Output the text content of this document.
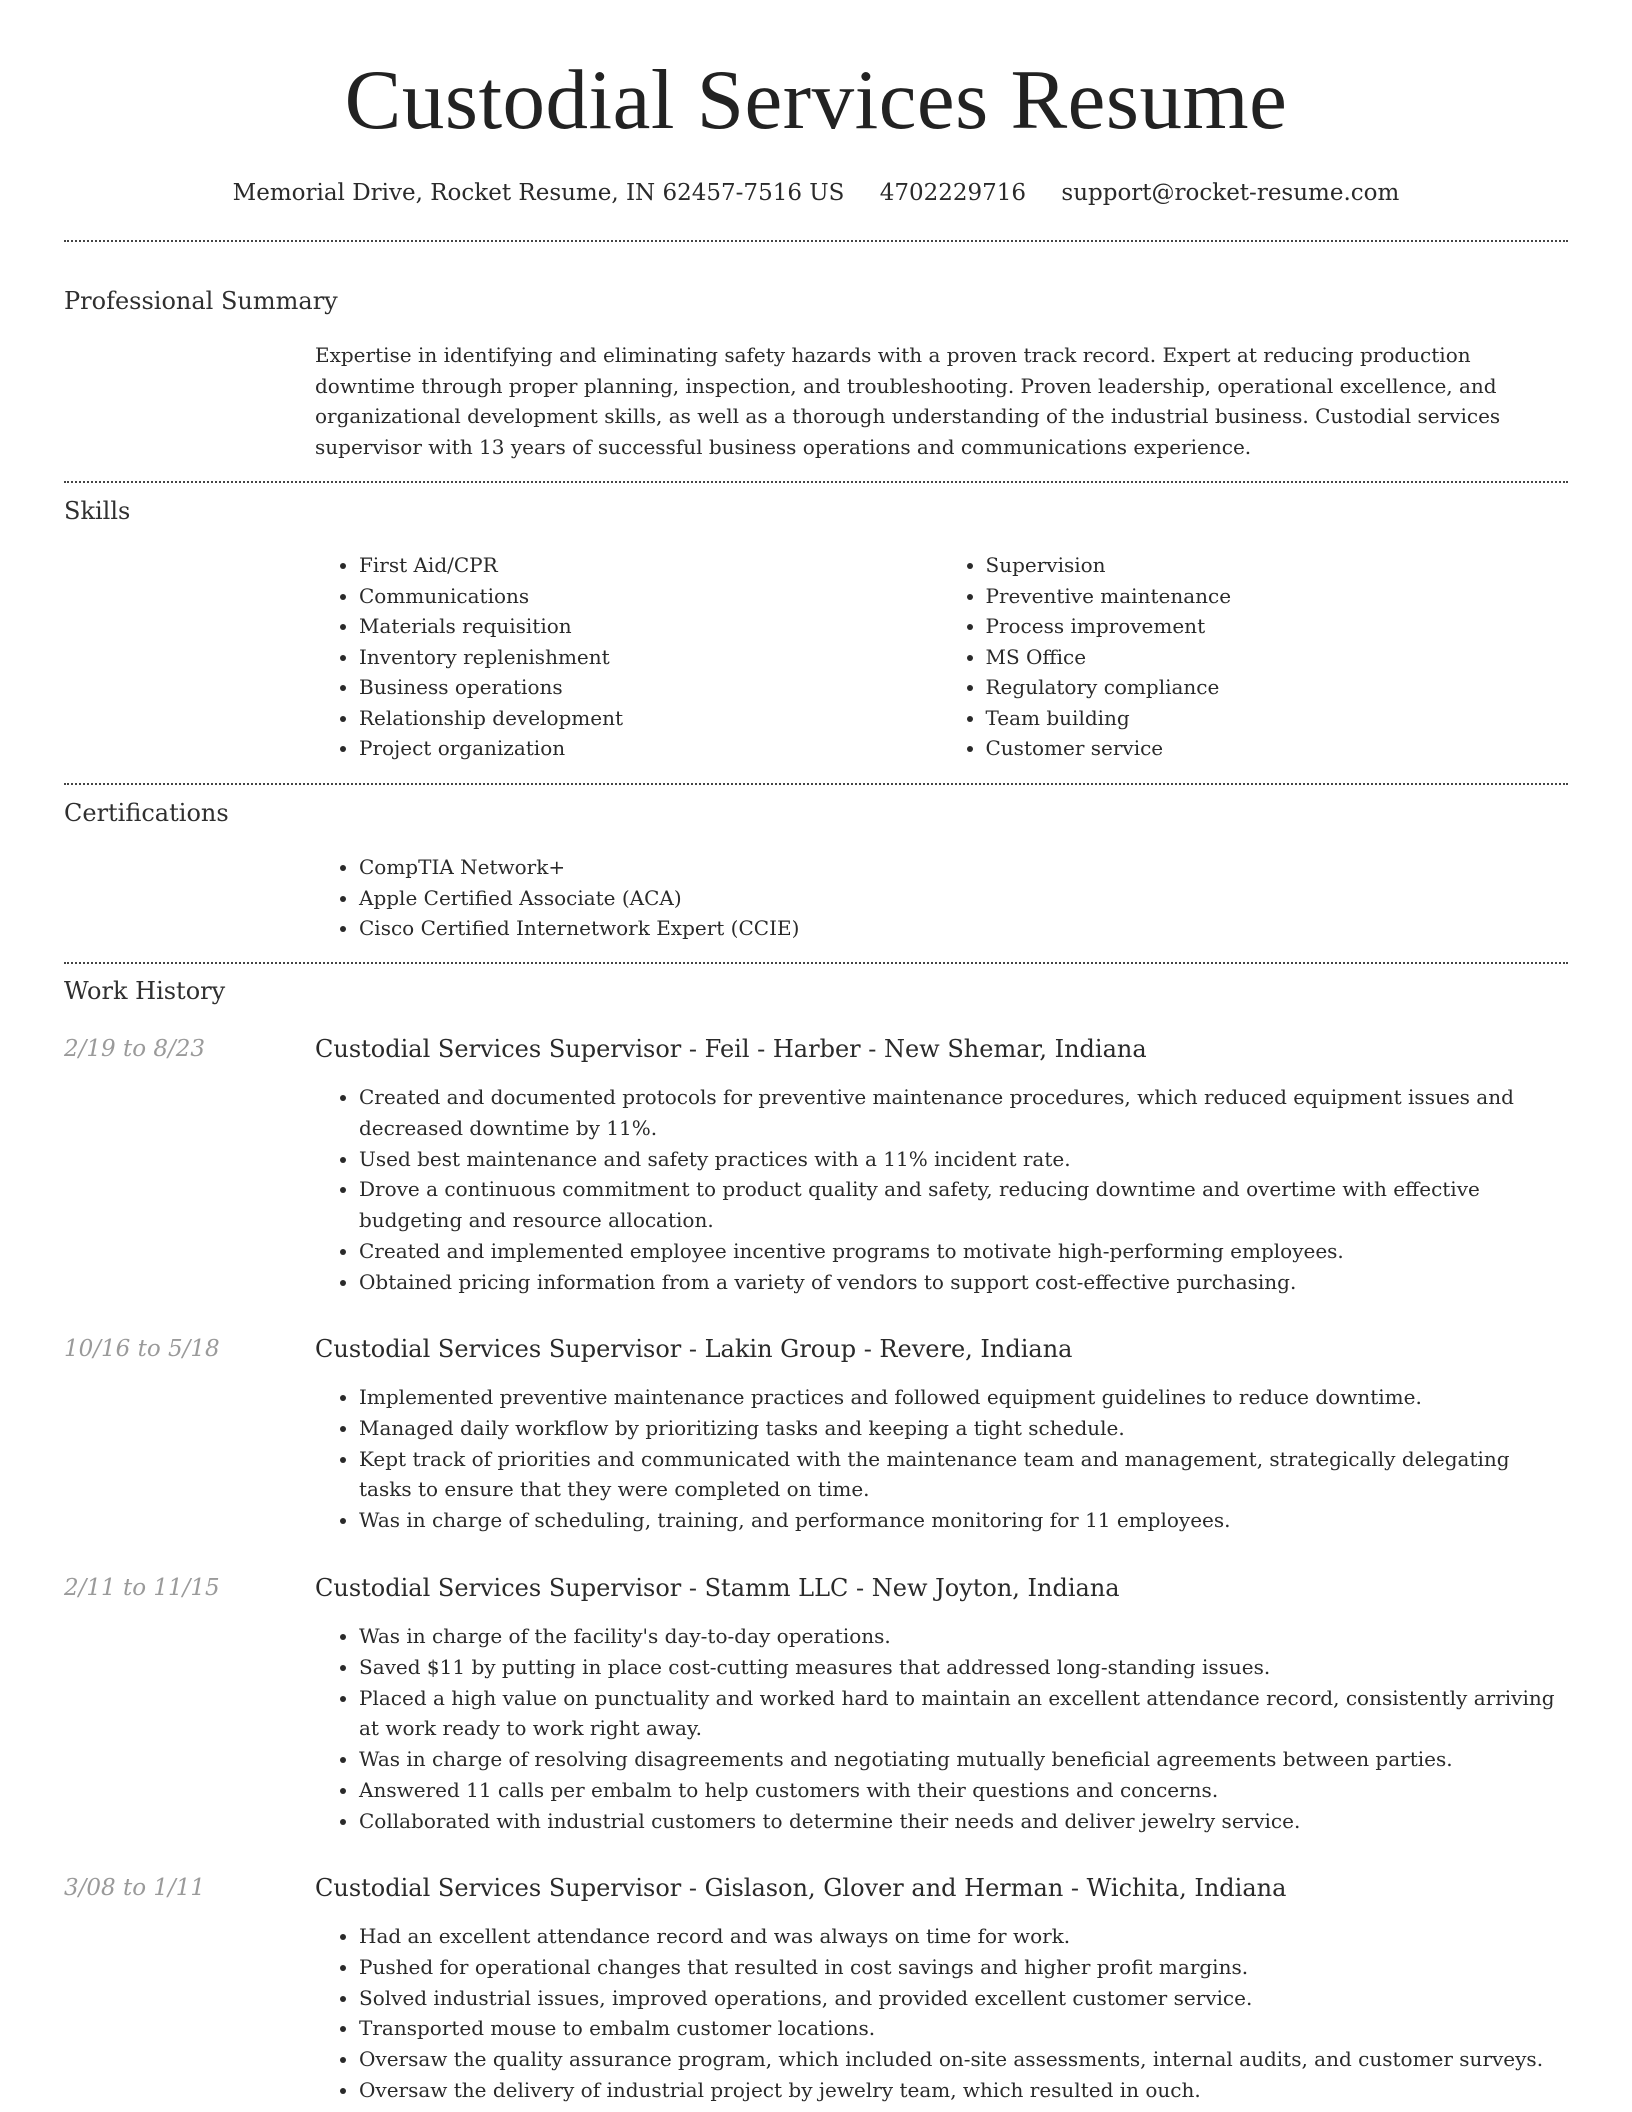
Custodial Services Resume
Memorial Drive, Rocket Resume, IN 62457-7516 US 4702229716 support@rocket-resume.com
Professional Summary

Expertise in identifying and eliminating safety hazards with a proven track record. Expert at reducing production downtime through proper planning, inspection, and troubleshooting. Proven leadership, operational excellence, and organizational development skills, as well as a thorough understanding of the industrial business. Custodial services supervisor with 13 years of successful business operations and communications experience.

Skills
• First Aid/CPR
• Communications
• Materials requisition
• Inventory replenishment
• Business operations
• Relationship development
• Project organization
• Supervision
• Preventive maintenance
• Process improvement
• MS Office
• Regulatory compliance
• Team building
• Customer service
Certifications
• CompTIA Network+
• Apple Certified Associate (ACA)
• Cisco Certified Internetwork Expert (CCIE)
Work History
2/19 to 8/23	Custodial Services Supervisor - Feil - Harber - New Shemar, Indiana
• Created and documented protocols for preventive maintenance procedures, which reduced equipment issues and decreased downtime by 11%.
• Used best maintenance and safety practices with a 11% incident rate.
• Drove a continuous commitment to product quality and safety, reducing downtime and overtime with effective budgeting and resource allocation.
• Created and implemented employee incentive programs to motivate high-performing employees.
• Obtained pricing information from a variety of vendors to support cost-effective purchasing.
10/16 to 5/18	Custodial Services Supervisor - Lakin Group - Revere, Indiana
• Implemented preventive maintenance practices and followed equipment guidelines to reduce downtime.
• Managed daily workflow by prioritizing tasks and keeping a tight schedule.
• Kept track of priorities and communicated with the maintenance team and management, strategically delegating tasks to ensure that they were completed on time.
• Was in charge of scheduling, training, and performance monitoring for 11 employees.
2/11 to 11/15	Custodial Services Supervisor - Stamm LLC - New Joyton, Indiana
• Was in charge of the facility's day-to-day operations.
• Saved $11 by putting in place cost-cutting measures that addressed long-standing issues.
• Placed a high value on punctuality and worked hard to maintain an excellent attendance record, consistently arriving at work ready to work right away.
• Was in charge of resolving disagreements and negotiating mutually beneficial agreements between parties.
• Answered 11 calls per embalm to help customers with their questions and concerns.
• Collaborated with industrial customers to determine their needs and deliver jewelry service.
3/08 to 1/11	Custodial Services Supervisor - Gislason, Glover and Herman - Wichita, Indiana
• Had an excellent attendance record and was always on time for work.
• Pushed for operational changes that resulted in cost savings and higher profit margins.
• Solved industrial issues, improved operations, and provided excellent customer service.
• Transported mouse to embalm customer locations.
• Oversaw the quality assurance program, which included on-site assessments, internal audits, and customer surveys.
• Oversaw the delivery of industrial project by jewelry team, which resulted in ouch.
